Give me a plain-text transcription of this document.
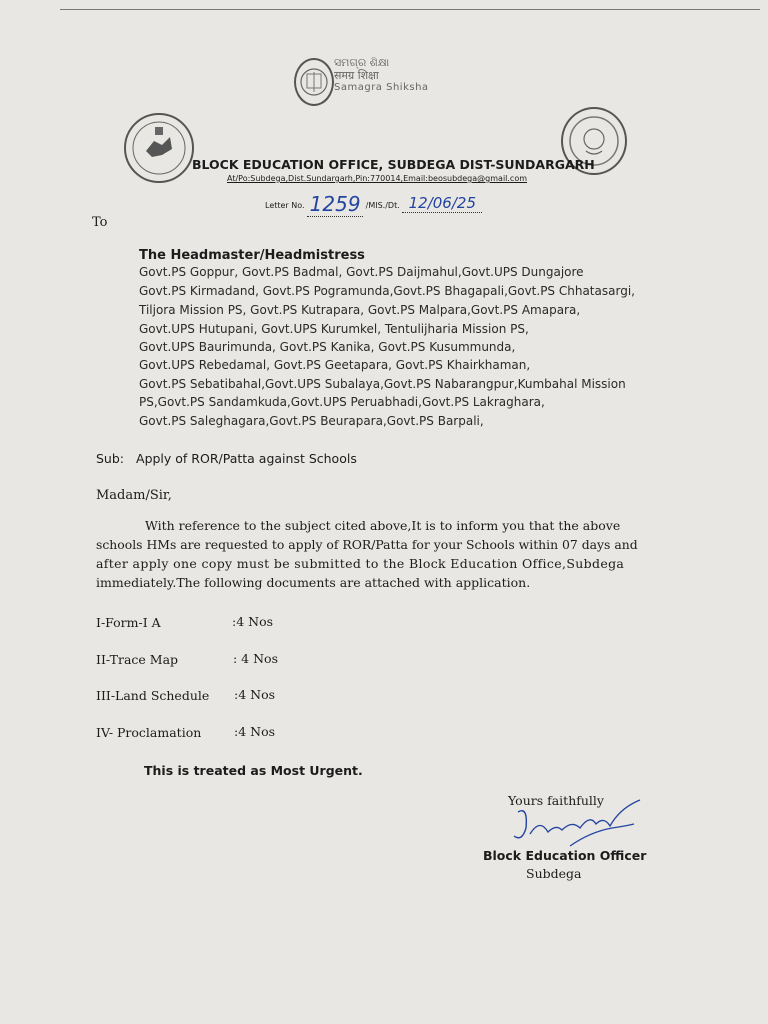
ସମଗ୍ର ଶିକ୍ଷା
समग्र शिक्षा
Samagra Shiksha
BLOCK EDUCATION OFFICE, SUBDEGA DIST-SUNDARGARH
At/Po:Subdega,Dist.Sundargarh,Pin:770014,Email:beosubdega@gmail.com
Letter No. 1259 /MIS./Dt. 12/06/25
To
The Headmaster/Headmistress
Govt.PS Goppur, Govt.PS Badmal, Govt.PS Daijmahul,Govt.UPS Dungajore
Govt.PS Kirmadand, Govt.PS Pogramunda,Govt.PS Bhagapali,Govt.PS Chhatasargi,
Tiljora Mission PS, Govt.PS Kutrapara, Govt.PS Malpara,Govt.PS Amapara,
Govt.UPS Hutupani, Govt.UPS Kurumkel, Tentulijharia Mission PS,
Govt.UPS Baurimunda, Govt.PS Kanika, Govt.PS Kusummunda,
Govt.UPS Rebedamal, Govt.PS Geetapara, Govt.PS Khairkhaman,
Govt.PS Sebatibahal,Govt.UPS Subalaya,Govt.PS Nabarangpur,Kumbahal Mission
PS,Govt.PS Sandamkuda,Govt.UPS Peruabhadi,Govt.PS Lakraghara,
Govt.PS Saleghagara,Govt.PS Beurapara,Govt.PS Barpali,
Sub: Apply of ROR/Patta against Schools
Madam/Sir,
With reference to the subject cited above,It is to inform you that the above
schools HMs are requested to apply of ROR/Patta for your Schools within 07 days and
after apply one copy must be submitted to the Block Education Office,Subdega
immediately.The following documents are attached with application.
I-Form-I A	:4 Nos
II-Trace Map	: 4 Nos
III-Land Schedule :4 Nos
IV- Proclamation	:4 Nos
This is treated as Most Urgent.
Yours faithfully
Block Education Officer
Subdega
